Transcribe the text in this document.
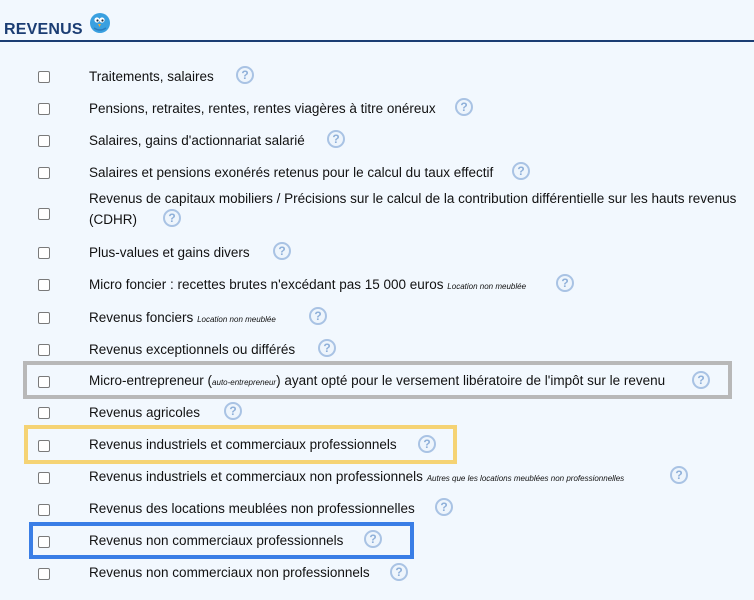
REVENUS
Traitements, salaires	?
Pensions, retraites, rentes, rentes viagères à titre onéreux	?
Salaires, gains d'actionnariat salarié	?
Salaires et pensions exonérés retenus pour le calcul du taux effectif	?
Revenus de capitaux mobiliers / Précisions sur le calcul de la contribution différentielle sur les hauts revenus
(CDHR)	?
Plus-values et gains divers	?
Micro foncier : recettes brutes n'excédant pas 15 000 euros Location non meublée	?
Revenus fonciers Location non meublée	?
Revenus exceptionnels ou différés	?
Micro-entrepreneur (auto-entrepreneur) ayant opté pour le versement libératoire de l'impôt sur le revenu	?
Revenus agricoles	?
Revenus industriels et commerciaux professionnels	?
Revenus industriels et commerciaux non professionnels Autres que les locations meublées non professionnelles	?
Revenus des locations meublées non professionnelles	?
Revenus non commerciaux professionnels	?
Revenus non commerciaux non professionnels	?
